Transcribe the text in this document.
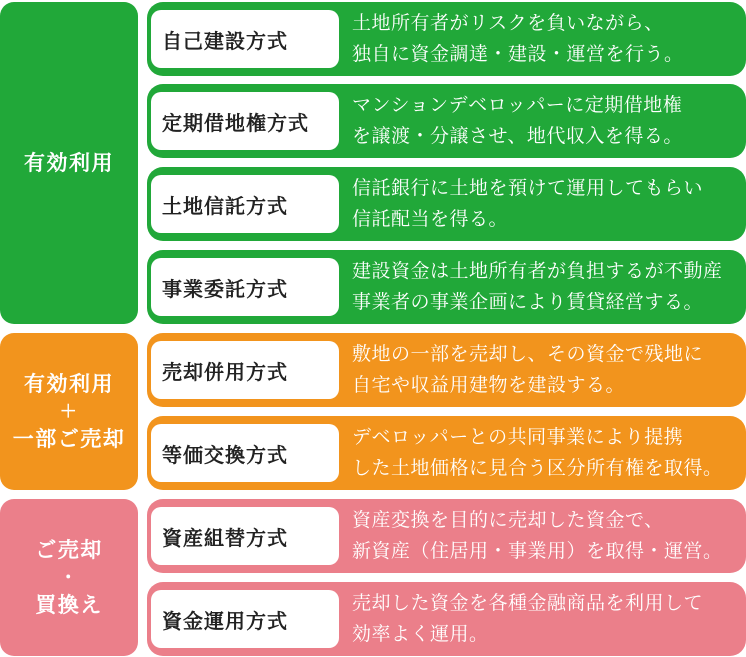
有効利用
自己建設方式
土地所有者がリスクを負いながら、
独自に資金調達・建設・運営を行う。
定期借地権方式
マンションデベロッパーに定期借地権
を譲渡・分譲させ、地代収入を得る。
土地信託方式
信託銀行に土地を預けて運用してもらい
信託配当を得る。
事業委託方式
建設資金は土地所有者が負担するが不動産
事業者の事業企画により賃貸経営する。
有効利用
＋
一部ご売却
売却併用方式
敷地の一部を売却し、その資金で残地に
自宅や収益用建物を建設する。
等価交換方式
デベロッパーとの共同事業により提携
した土地価格に見合う区分所有権を取得。
ご売却
・
買換え
資産組替方式
資産変換を目的に売却した資金で、
新資産（住居用・事業用）を取得・運営。
資金運用方式
売却した資金を各種金融商品を利用して
効率よく運用。
